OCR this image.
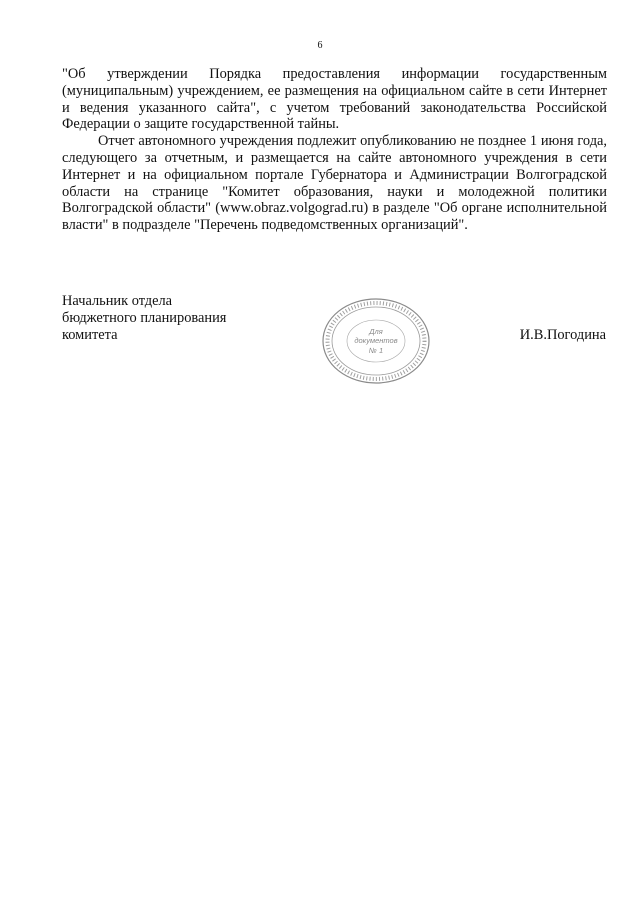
6

"Об утверждении Порядка предоставления информации государственным (муниципальным) учреждением, ее размещения на официальном сайте в сети Интернет и ведения указанного сайта", с учетом требований законодательства Российской Федерации о защите государственной тайны.

Отчет автономного учреждения подлежит опубликованию не позднее 1 июня года, следующего за отчетным, и размещается на сайте автономного учреждения в сети Интернет и на официальном портале Губернатора и Администрации Волгоградской области на странице "Комитет образования, науки и молодежной политики Волгоградской области" (www.obraz.volgograd.ru) в разделе "Об органе исполнительной власти" в подразделе "Перечень подведомственных организаций".

Начальник отдела
бюджетного планирования
комитета	И.В.Погодина
Для
документов
№ 1
